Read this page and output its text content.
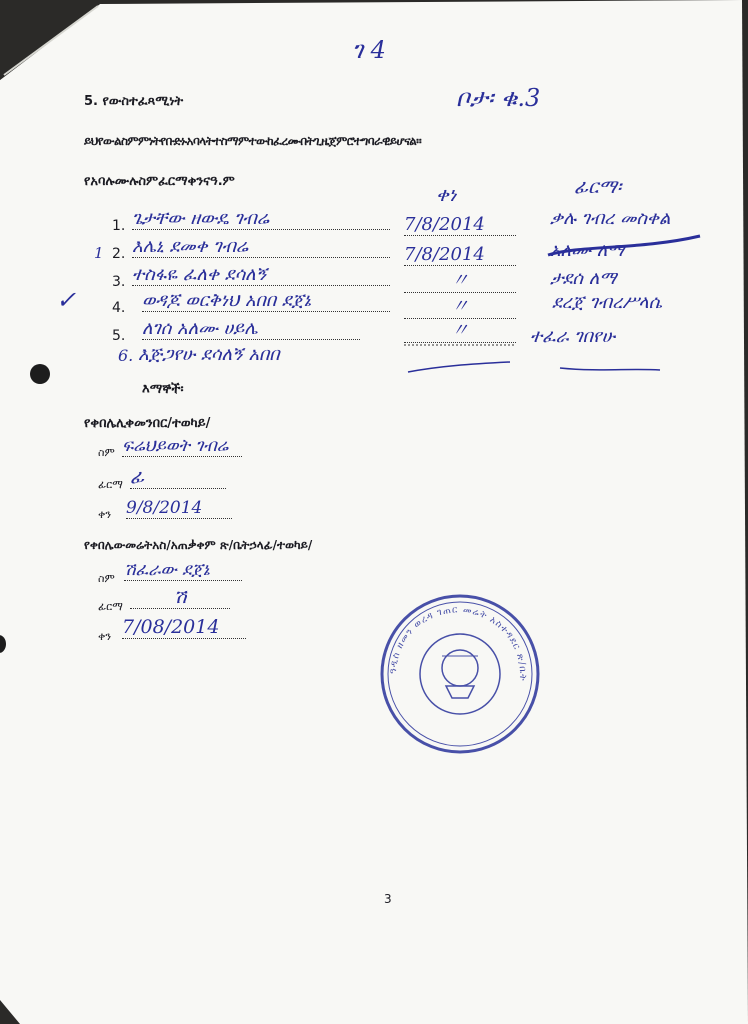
ገ 4
5. የውስተፈጻሚነት	ቦታ፡ ቁ.3
ይህየውልስምምነትየቡድኑአባላትተስማምተውከፈረሙበትጊዜጀምሮተግባራዊይሆናል።
የአባሉሙሉስምፈርማቀንናዓ.ም	ፊርማ፡
ቀነ
1. ጌታቸው ዘውዴ ገብሬ	7/8/2014	ቃሉ ገብረ መስቀል
1 2. እሌኒ ደመቀ ገብሬ	7/8/2014	አለሙ ለማ
3. ተስፋዬ ፈለቀ ደሳለኝ	〃	ታደሰ ለማ
✓	4. ወዳጆ ወርቅነህ አበበ ደጀኔ	〃	ደረጀ ገብረሥላሴ
5. ለገሰ አለሙ ሀይሌ	〃	ተፈራ ገበየሁ
6. እጅጋየሁ ደሳለኝ አበበ
እማኞች፡
የቀበሌሊቀመንበር/ተወካይ/
ስም ፍሬህይወት ገብሬ
ፊርማ ፊ
ቀን 9/8/2014
የቀበሌውመሬትአስ/አጠቃቀም ጽ/ቤትኃላፊ/ተወካይ/
ስም ሽፈራው ደጀኔ
ፊርማ	ሽ
ቀን 7/08/2014
ዓዲስ ዘመን ወረዳ ገጠር መሬት አስተዳደር ጽ/ቤት
3
